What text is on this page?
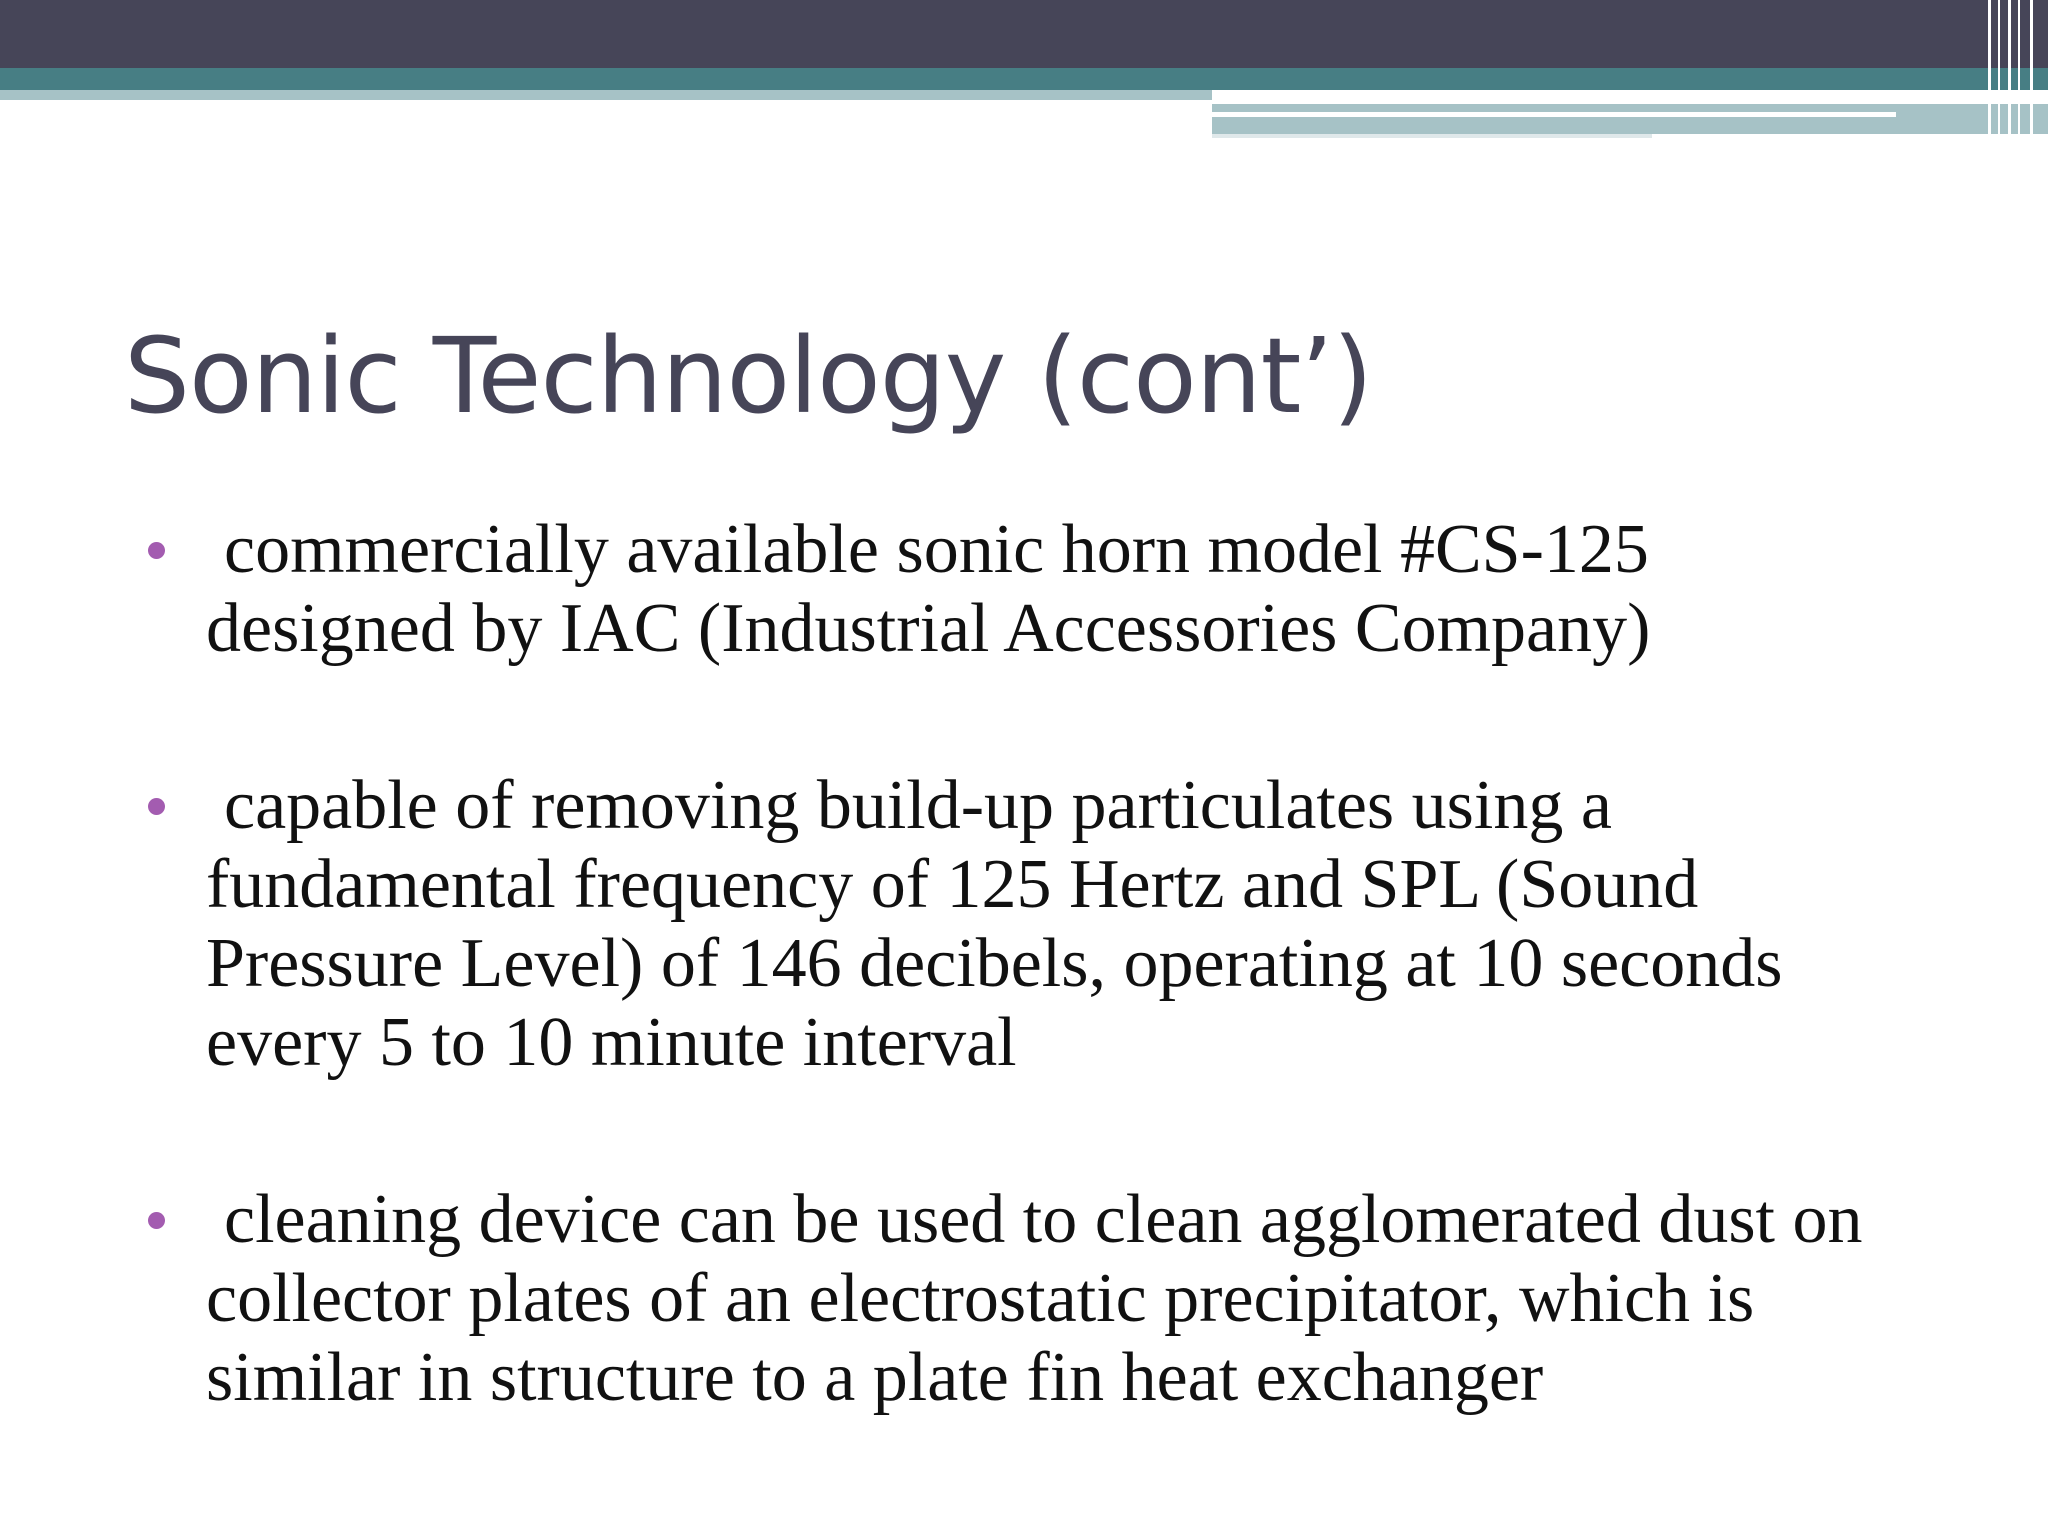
Sonic Technology (cont’)
commercially available sonic horn model #CS-125 designed by IAC (Industrial Accessories Company)
capable of removing build-up particulates using a fundamental frequency of 125 Hertz and SPL (Sound Pressure Level) of 146 decibels, operating at 10 seconds every 5 to 10 minute interval
cleaning device can be used to clean agglomerated dust on collector plates of an electrostatic precipitator, which is similar in structure to a plate fin heat exchanger
